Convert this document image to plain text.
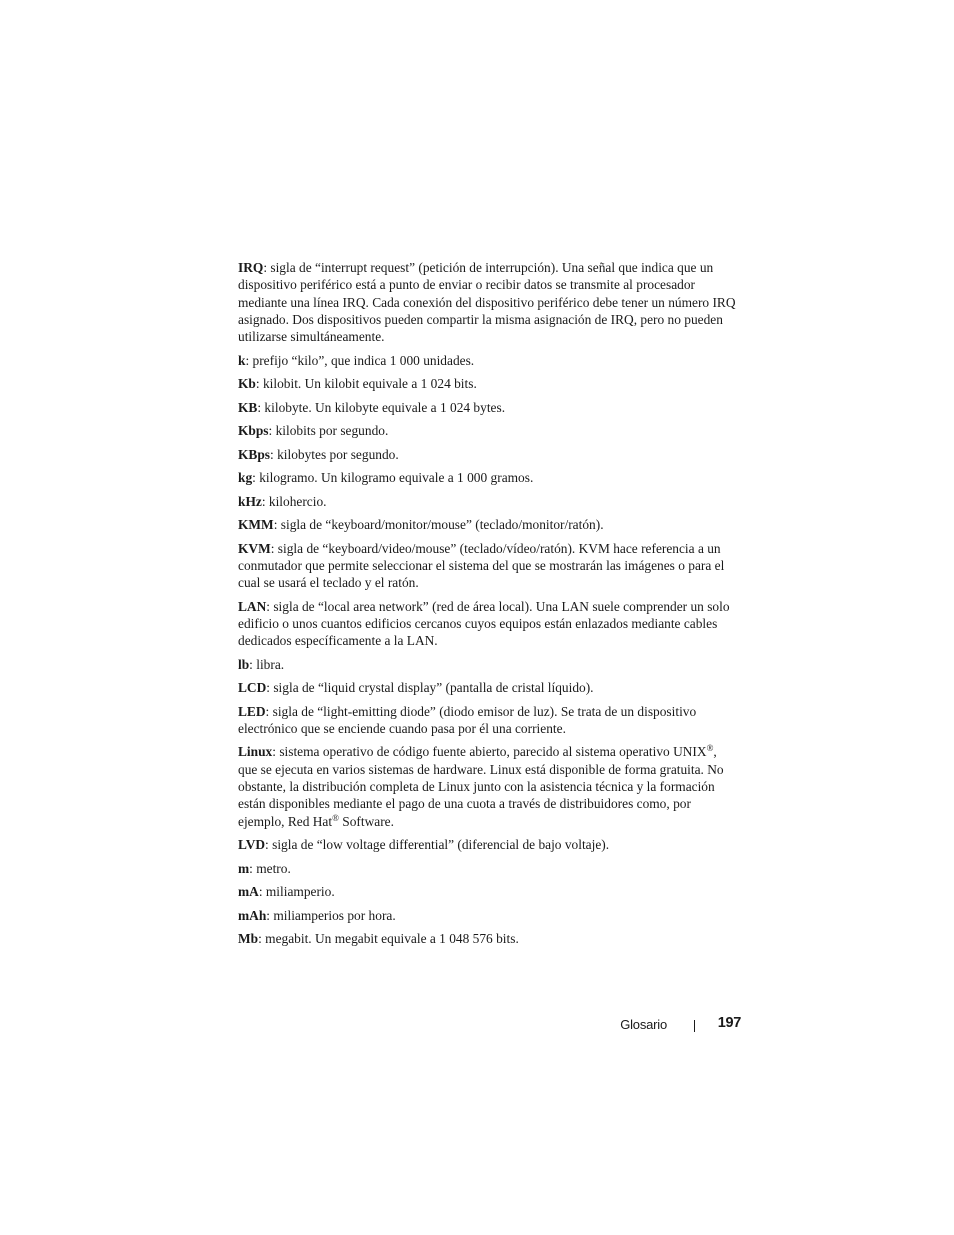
IRQ: sigla de “interrupt request” (petición de interrupción). Una señal que indica que un dispositivo periférico está a punto de enviar o recibir datos se transmite al procesador mediante una línea IRQ. Cada conexión del dispositivo periférico debe tener un número IRQ asignado. Dos dispositivos pueden compartir la misma asignación de IRQ, pero no pueden utilizarse simultáneamente.

k: prefijo “kilo”, que indica 1 000 unidades.

Kb: kilobit. Un kilobit equivale a 1 024 bits.

KB: kilobyte. Un kilobyte equivale a 1 024 bytes.

Kbps: kilobits por segundo.

KBps: kilobytes por segundo.

kg: kilogramo. Un kilogramo equivale a 1 000 gramos.

kHz: kilohercio.

KMM: sigla de “keyboard/monitor/mouse” (teclado/monitor/ratón).

KVM: sigla de “keyboard/video/mouse” (teclado/vídeo/ratón). KVM hace referencia a un conmutador que permite seleccionar el sistema del que se mostrarán las imágenes o para el cual se usará el teclado y el ratón.

LAN: sigla de “local area network” (red de área local). Una LAN suele comprender un solo edificio o unos cuantos edificios cercanos cuyos equipos están enlazados mediante cables dedicados específicamente a la LAN.

lb: libra.

LCD: sigla de “liquid crystal display” (pantalla de cristal líquido).

LED: sigla de “light-emitting diode” (diodo emisor de luz). Se trata de un dispositivo electrónico que se enciende cuando pasa por él una corriente.

Linux: sistema operativo de código fuente abierto, parecido al sistema operativo UNIX®, que se ejecuta en varios sistemas de hardware. Linux está disponible de forma gratuita. No obstante, la distribución completa de Linux junto con la asistencia técnica y la formación están disponibles mediante el pago de una cuota a través de distribuidores como, por ejemplo, Red Hat® Software.

LVD: sigla de “low voltage differential” (diferencial de bajo voltaje).

m: metro.

mA: miliamperio.

mAh: miliamperios por hora.

Mb: megabit. Un megabit equivale a 1 048 576 bits.

Glosario	197
